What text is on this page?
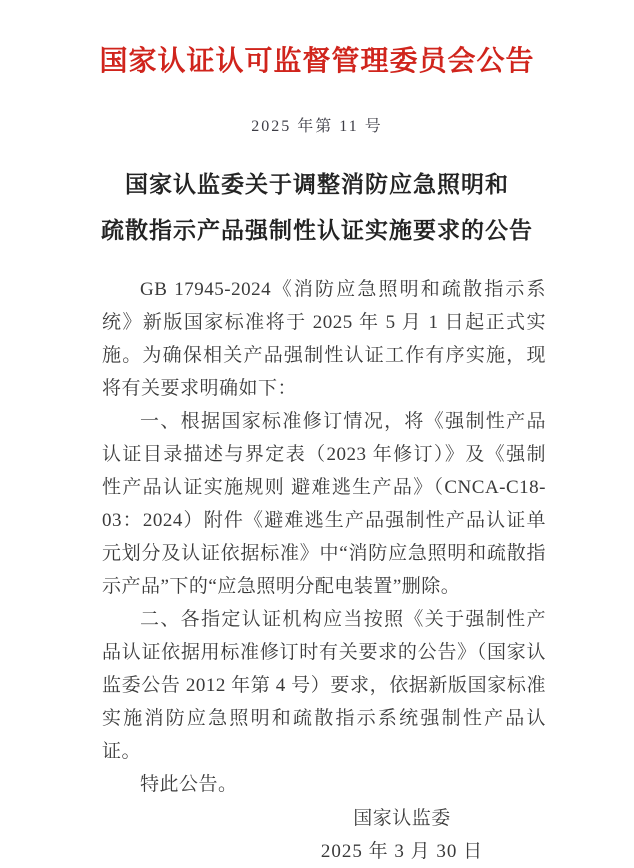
国家认证认可监督管理委员会公告
2025 年第 11 号
国家认监委关于调整消防应急照明和
疏散指示产品强制性认证实施要求的公告

GB 17945-2024《消防应急照明和疏散指示系统》新版国家标准将于 2025 年 5 月 1 日起正式实施。为确保相关产品强制性认证工作有序实施，现将有关要求明确如下：

一、根据国家标准修订情况，将《强制性产品认证目录描述与界定表（2023 年修订）》及《强制性产品认证实施规则 避难逃生产品》（CNCA-C18-03：2024）附件《避难逃生产品强制性产品认证单元划分及认证依据标准》中“消防应急照明和疏散指示产品”下的“应急照明分配电装置”删除。

二、各指定认证机构应当按照《关于强制性产品认证依据用标准修订时有关要求的公告》（国家认监委公告 2012 年第 4 号）要求，依据新版国家标准实施消防应急照明和疏散指示系统强制性产品认证。

特此公告。

国家认监委
2025 年 3 月 30 日
